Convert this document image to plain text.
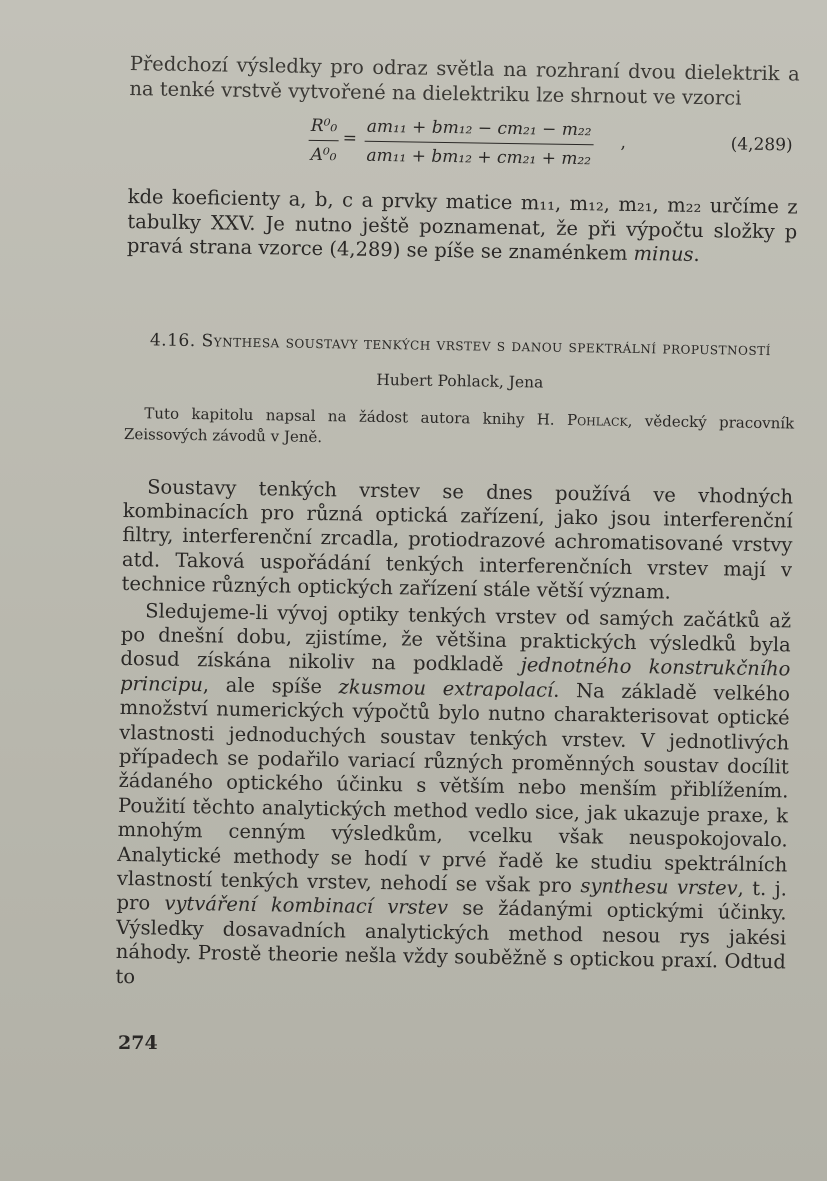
Předchozí výsledky pro odraz světla na rozhraní dvou dielektrik a na tenké vrstvě vytvořené na dielektriku lze shrnout ve vzorci

R⁰₀
A⁰₀
= am₁₁ + bm₁₂ − cm₂₁ − m₂₂
am₁₁ + bm₁₂ + cm₂₁ + m₂₂
,	(4,289)

kde koeficienty a, b, c a prvky matice m₁₁, m₁₂, m₂₁, m₂₂ určíme z tabulky XXV. Je nutno ještě poznamenat, že při výpočtu složky p pravá strana vzorce (4,289) se píše se znaménkem minus.

4.16. Synthesa soustavy tenkých vrstev s danou spektrální propustností
Hubert Pohlack, Jena

Tuto kapitolu napsal na žádost autora knihy H. Pohlack, vědecký pracovník Zeissových závodů v Jeně.

Soustavy tenkých vrstev se dnes používá ve vhodných kombinacích pro různá optická zařízení, jako jsou interferenční filtry, interferenční zrcadla, protiodrazové achromatisované vrstvy atd. Taková uspořádání tenkých interferenčních vrstev mají v technice různých optických zařízení stále větší význam.

Sledujeme-li vývoj optiky tenkých vrstev od samých začátků až po dnešní dobu, zjistíme, že většina praktických výsledků byla dosud získána nikoliv na podkladě jednotného konstrukčního principu, ale spíše zkusmou extrapolací. Na základě velkého množství numerických výpočtů bylo nutno charakterisovat optické vlastnosti jednoduchých soustav tenkých vrstev. V jednotlivých případech se podařilo variací různých proměnných soustav docílit žádaného optického účinku s větším nebo menším přiblížením. Použití těchto analytických method vedlo sice, jak ukazuje praxe, k mnohým cenným výsledkům, vcelku však neuspokojovalo. Analytické methody se hodí v prvé řadě ke studiu spektrálních vlastností tenkých vrstev, nehodí se však pro synthesu vrstev, t. j. pro vytváření kombinací vrstev se žádanými optickými účinky. Výsledky dosavadních analytických method nesou rys jakési náhody. Prostě theorie nešla vždy souběžně s optickou praxí. Odtud to

274
